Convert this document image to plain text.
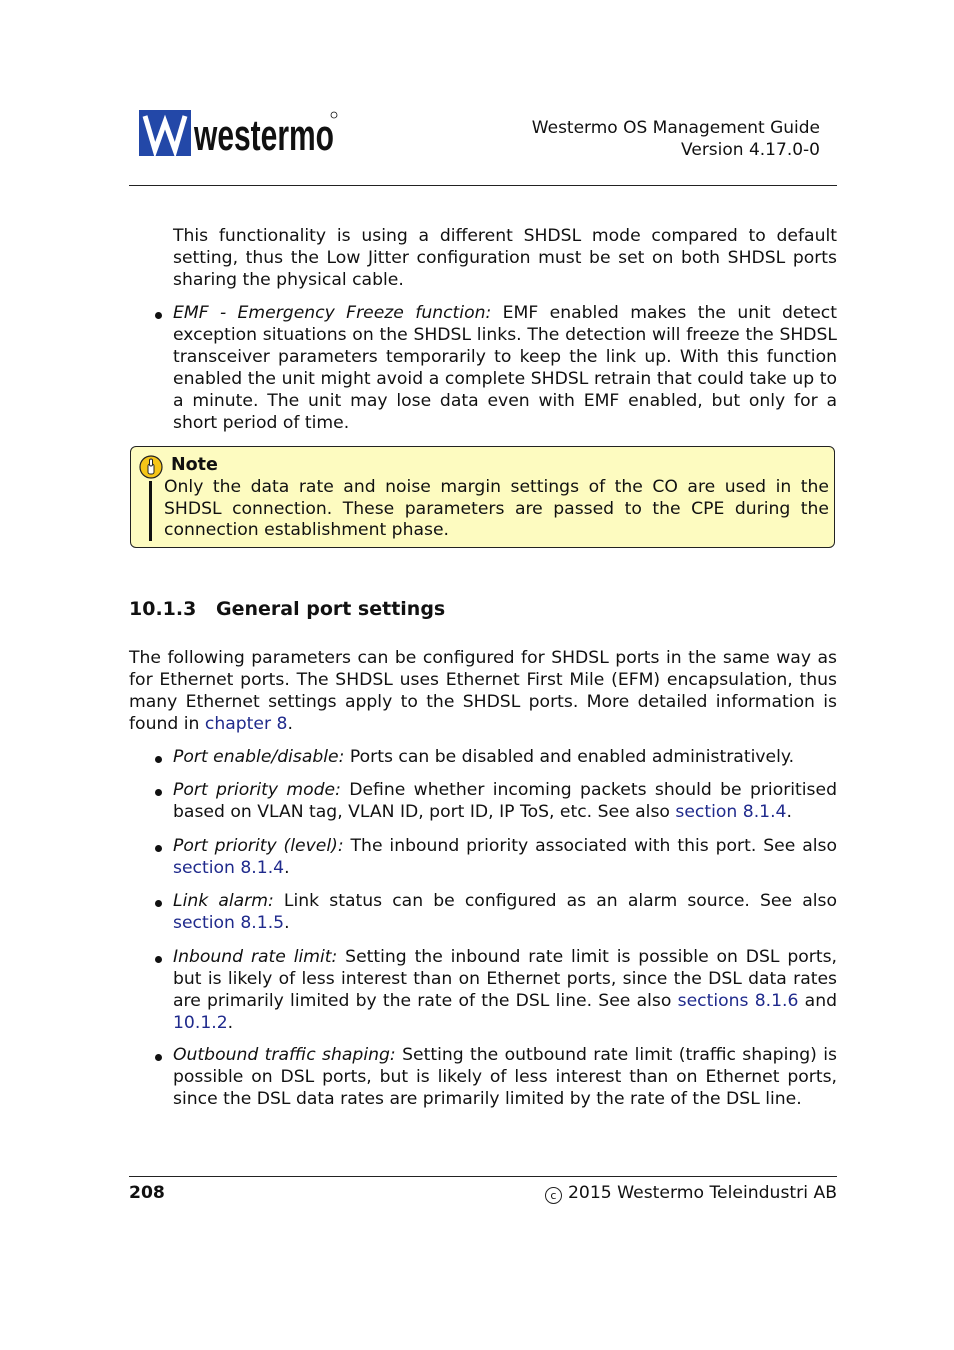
westermo	Westermo OS Management Guide
Version 4.17.0-0
This functionality is using a different SHDSL mode compared to default setting, thus the Low Jitter configuration must be set on both SHDSL ports sharing the physical cable.
EMF - Emergency Freeze function: EMF enabled makes the unit detect exception situations on the SHDSL links. The detection will freeze the SHDSL transceiver parameters temporarily to keep the link up. With this function enabled the unit might avoid a complete SHDSL retrain that could take up to a minute. The unit may lose data even with EMF enabled, but only for a short period of time.
Note
Only the data rate and noise margin settings of the CO are used in the SHDSL connection. These parameters are passed to the CPE during the connection establishment phase.
10.1.3 General port settings
The following parameters can be configured for SHDSL ports in the same way as for Ethernet ports. The SHDSL uses Ethernet First Mile (EFM) encapsulation, thus many Ethernet settings apply to the SHDSL ports. More detailed information is found in chapter 8.
Port enable/disable: Ports can be disabled and enabled administratively.
Port priority mode: Define whether incoming packets should be prioritised based on VLAN tag, VLAN ID, port ID, IP ToS, etc. See also section 8.1.4.
Port priority (level): The inbound priority associated with this port. See also section 8.1.4.
Link alarm: Link status can be configured as an alarm source. See also section 8.1.5.
Inbound rate limit: Setting the inbound rate limit is possible on DSL ports, but is likely of less interest than on Ethernet ports, since the DSL data rates are primarily limited by the rate of the DSL line. See also sections 8.1.6 and 10.1.2.
Outbound traffic shaping: Setting the outbound rate limit (traffic shaping) is possible on DSL ports, but is likely of less interest than on Ethernet ports, since the DSL data rates are primarily limited by the rate of the DSL line.
208	c 2015 Westermo Teleindustri AB
